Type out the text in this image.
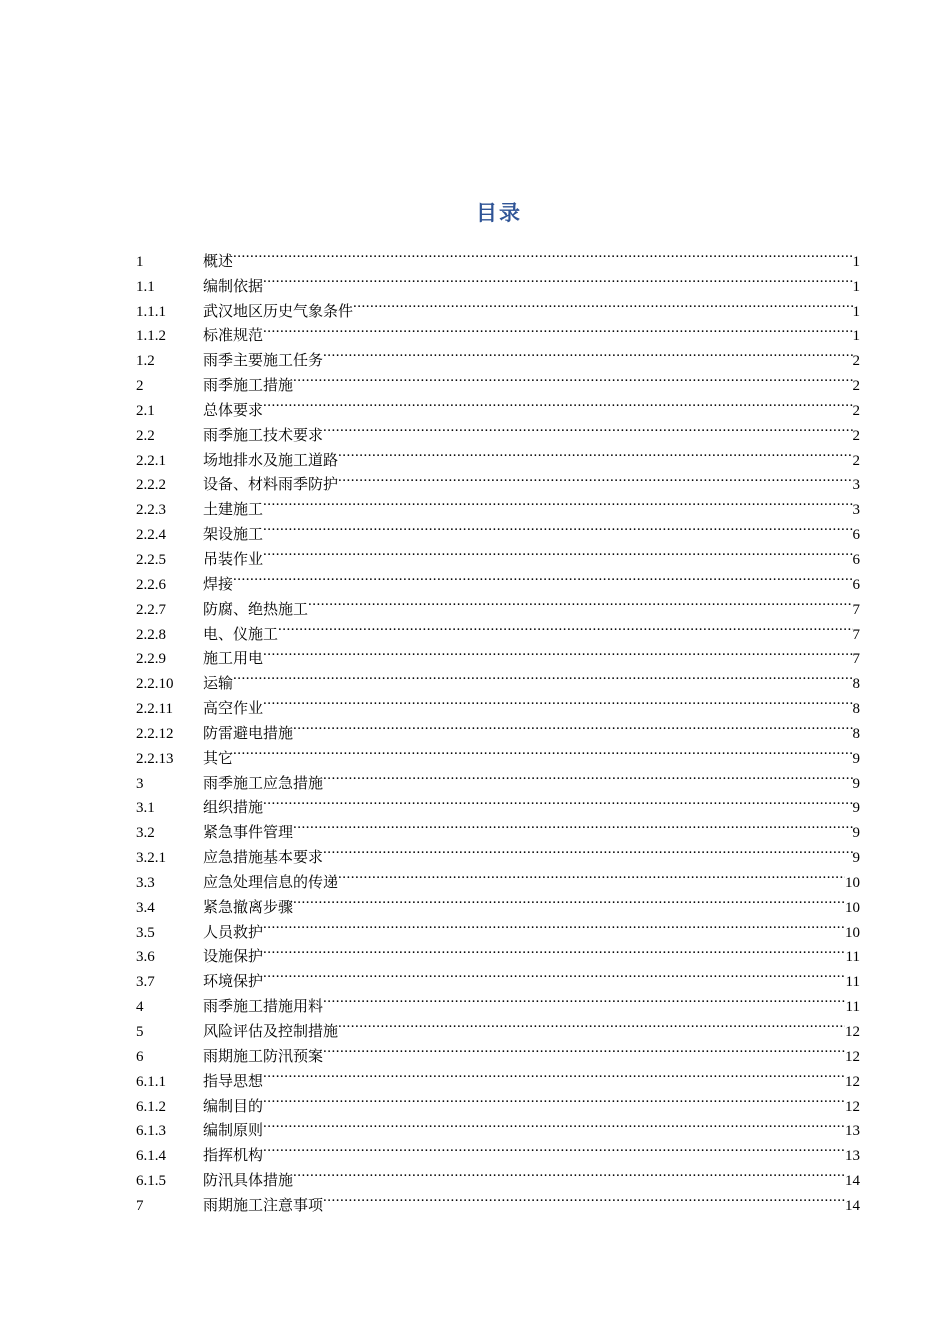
目录
1	概述 .....	1
1.1	编制依据 .....	1
1.1.1	武汉地区历史气象条件 .....	1
1.1.2	标准规范 .....	1
1.2	雨季主要施工任务 .....	2
2	雨季施工措施 .....	2
2.1	总体要求 .....	2
2.2	雨季施工技术要求 .....	2
2.2.1	场地排水及施工道路 .....	2
2.2.2	设备、材料雨季防护 .....	3
2.2.3	土建施工 .....	3
2.2.4	架设施工 .....	6
2.2.5	吊装作业 .....	6
2.2.6	焊接 .....	6
2.2.7	防腐、绝热施工 .....	7
2.2.8	电、仪施工 .....	7
2.2.9	施工用电 .....	7
2.2.10	运输 .....	8
2.2.11	高空作业 .....	8
2.2.12	防雷避电措施 .....	8
2.2.13	其它 .....	9
3	雨季施工应急措施 .....	9
3.1	组织措施 .....	9
3.2	紧急事件管理 .....	9
3.2.1	应急措施基本要求 .....	9
3.3	应急处理信息的传递 .....	10
3.4	紧急撤离步骤 .....	10
3.5	人员救护 .....	10
3.6	设施保护 .....	11
3.7	环境保护 .....	11
4	雨季施工措施用料 .....	11
5	风险评估及控制措施 .....	12
6	雨期施工防汛预案 .....	12
6.1.1	指导思想 .....	12
6.1.2	编制目的 .....	12
6.1.3	编制原则 .....	13
6.1.4	指挥机构 .....	13
6.1.5	防汛具体措施 .....	14
7	雨期施工注意事项 .....	14
